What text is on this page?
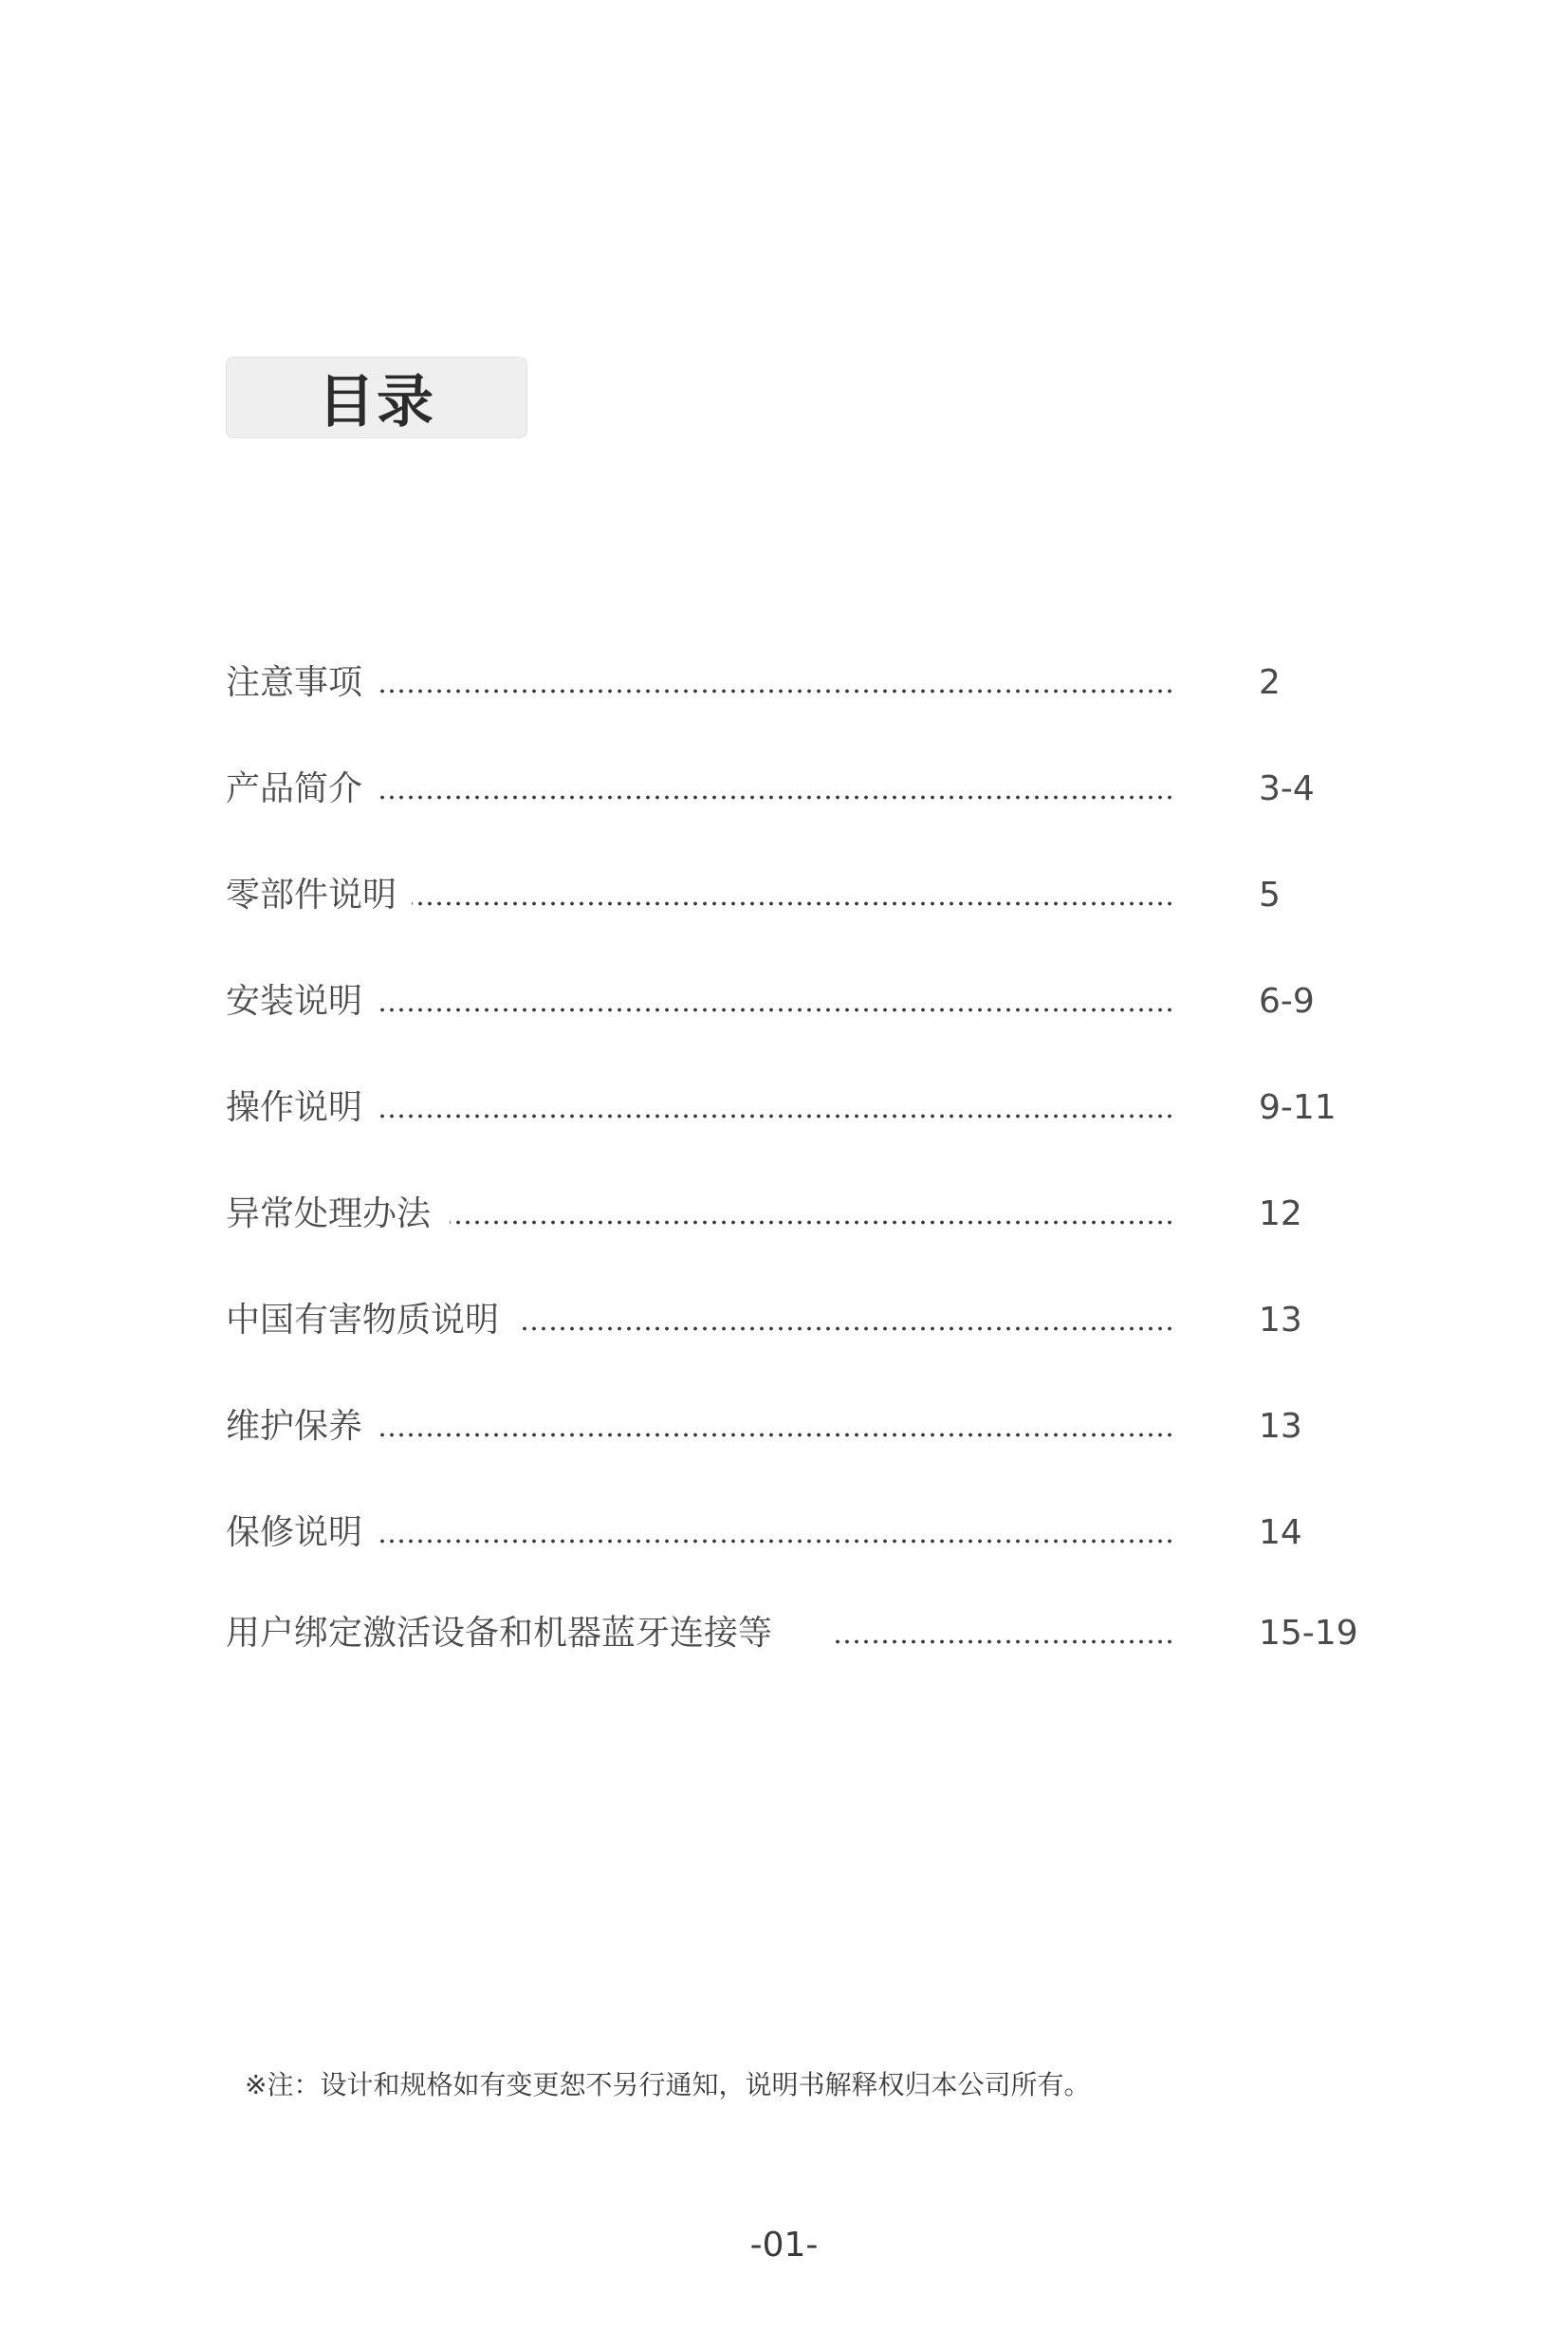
目录
注意事项	2
产品简介	3-4
零部件说明	5
安装说明	6-9
操作说明	9-11
异常处理办法	12
中国有害物质说明	13
维护保养	13
保修说明	14
用户绑定激活设备和机器蓝牙连接等	15-19
※注：设计和规格如有变更恕不另行通知，说明书解释权归本公司所有。
-01-
